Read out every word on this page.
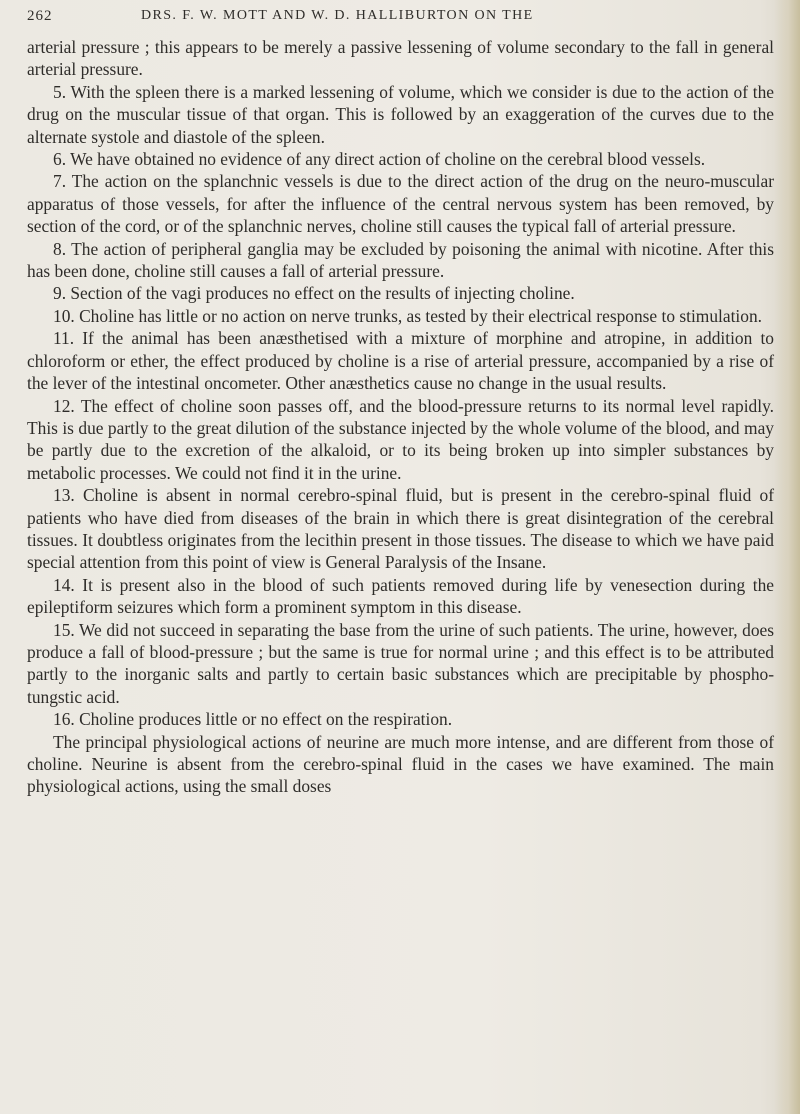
262	DRS. F. W. MOTT AND W. D. HALLIBURTON ON THE

arterial pressure ; this appears to be merely a passive lessening of volume secondary to the fall in general arterial pressure.

5. With the spleen there is a marked lessening of volume, which we consider is due to the action of the drug on the muscular tissue of that organ. This is followed by an exaggeration of the curves due to the alternate systole and diastole of the spleen.

6. We have obtained no evidence of any direct action of choline on the cerebral blood vessels.

7. The action on the splanchnic vessels is due to the direct action of the drug on the neuro-muscular apparatus of those vessels, for after the influence of the central nervous system has been removed, by section of the cord, or of the splanchnic nerves, choline still causes the typical fall of arterial pressure.

8. The action of peripheral ganglia may be excluded by poisoning the animal with nicotine. After this has been done, choline still causes a fall of arterial pressure.

9. Section of the vagi produces no effect on the results of injecting choline.

10. Choline has little or no action on nerve trunks, as tested by their electrical response to stimulation.

11. If the animal has been anæsthetised with a mixture of morphine and atropine, in addition to chloroform or ether, the effect produced by choline is a rise of arterial pressure, accompanied by a rise of the lever of the intestinal oncometer. Other anæsthetics cause no change in the usual results.

12. The effect of choline soon passes off, and the blood-pressure returns to its normal level rapidly. This is due partly to the great dilution of the substance injected by the whole volume of the blood, and may be partly due to the excretion of the alkaloid, or to its being broken up into simpler substances by metabolic processes. We could not find it in the urine.

13. Choline is absent in normal cerebro-spinal fluid, but is present in the cerebro-spinal fluid of patients who have died from diseases of the brain in which there is great disintegration of the cerebral tissues. It doubtless originates from the lecithin present in those tissues. The disease to which we have paid special attention from this point of view is General Paralysis of the Insane.

14. It is present also in the blood of such patients removed during life by venesection during the epileptiform seizures which form a prominent symptom in this disease.

15. We did not succeed in separating the base from the urine of such patients. The urine, however, does produce a fall of blood-pressure ; but the same is true for normal urine ; and this effect is to be attributed partly to the inorganic salts and partly to certain basic substances which are precipitable by phospho-tungstic acid.

16. Choline produces little or no effect on the respiration.

The principal physiological actions of neurine are much more intense, and are different from those of choline. Neurine is absent from the cerebro-spinal fluid in the cases we have examined. The main physiological actions, using the small doses
